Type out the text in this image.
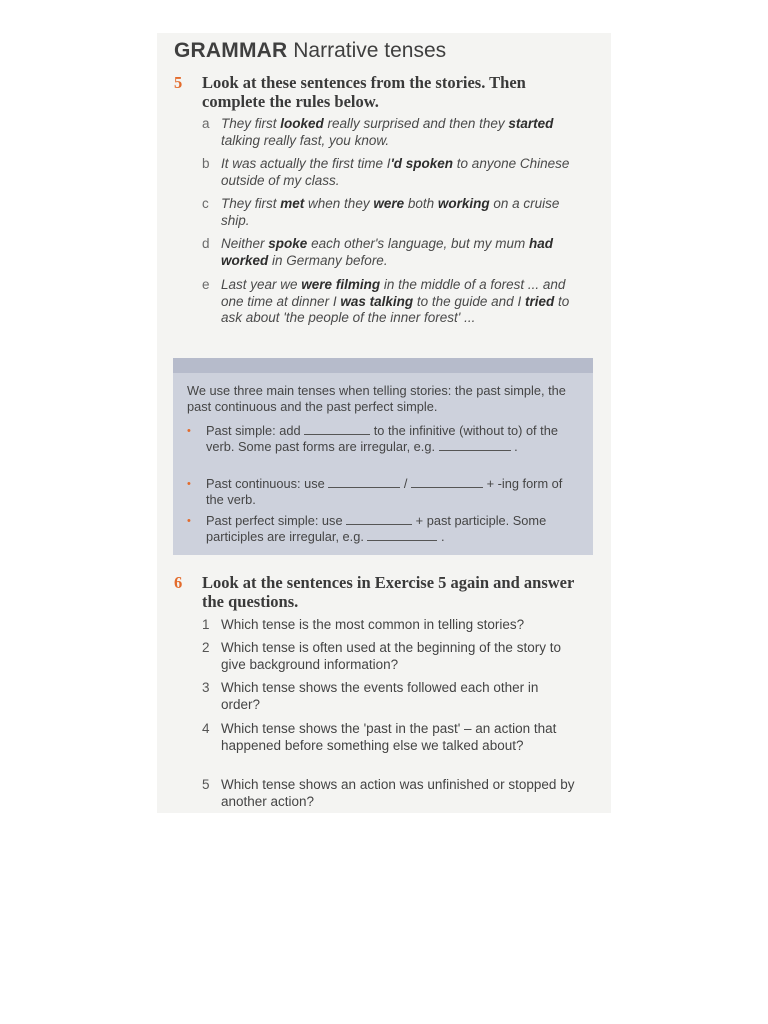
GRAMMAR Narrative tenses
5 Look at these sentences from the stories. Then complete the rules below.
a They first looked really surprised and then they started talking really fast, you know.
b It was actually the first time I'd spoken to anyone Chinese outside of my class.
c They first met when they were both working on a cruise ship.
d Neither spoke each other's language, but my mum had worked in Germany before.
e Last year we were filming in the middle of a forest ... and one time at dinner I was talking to the guide and I tried to ask about 'the people of the inner forest' ...
We use three main tenses when telling stories: the past simple, the past continuous and the past perfect simple.
• Past simple: add	to the infinitive (without to) of the verb. Some past forms are irregular, e.g.	.
• Past continuous: use	/	+ -ing form of the verb.
• Past perfect simple: use	+ past participle. Some participles are irregular, e.g.	.
6 Look at the sentences in Exercise 5 again and answer the questions.
1 Which tense is the most common in telling stories?
2 Which tense is often used at the beginning of the story to give background information?
3 Which tense shows the events followed each other in order?
4 Which tense shows the 'past in the past' – an action that happened before something else we talked about?
5 Which tense shows an action was unfinished or stopped by another action?
